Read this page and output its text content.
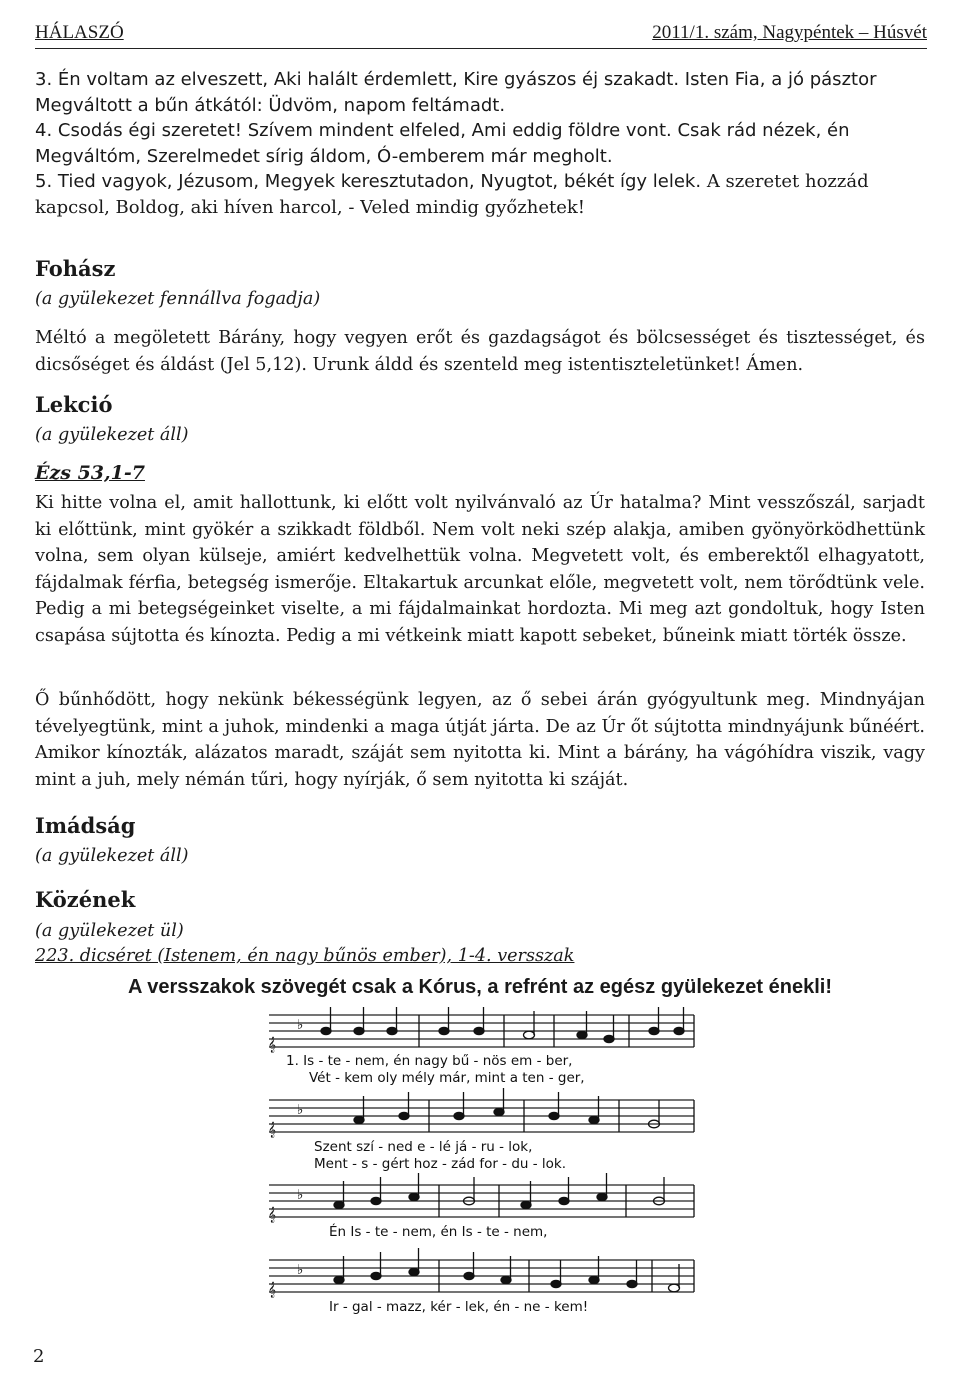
HÁLASZÓ	2011/1. szám, Nagypéntek – Húsvét
3. Én voltam az elveszett, Aki halált érdemlett, Kire gyászos éj szakadt. Isten Fia, a jó pásztor
Megváltott a bűn átkától: Üdvöm, napom feltámadt.
4. Csodás égi szeretet! Szívem mindent elfeled, Ami eddig földre vont. Csak rád nézek, én
Megváltóm, Szerelmedet sírig áldom, Ó-emberem már megholt.
5. Tied vagyok, Jézusom, Megyek keresztutadon, Nyugtot, békét így lelek. A szeretet hozzád
kapcsol, Boldog, aki híven harcol, - Veled mindig győzhetek!
Fohász
(a gyülekezet fennállva fogadja)
Méltó a megöletett Bárány, hogy vegyen erőt és gazdagságot és bölcsességet és tisztességet, és dicsőséget és áldást (Jel 5,12). Urunk áldd és szenteld meg istentiszteletünket! Ámen.
Lekció
(a gyülekezet áll)
Ézs 53,1-7
Ki hitte volna el, amit hallottunk, ki előtt volt nyilvánvaló az Úr hatalma? Mint vesszőszál, sarjadt ki előttünk, mint gyökér a szikkadt földből. Nem volt neki szép alakja, amiben gyönyörködhettünk volna, sem olyan külseje, amiért kedvelhettük volna. Megvetett volt, és emberektől elhagyatott, fájdalmak férfia, betegség ismerője. Eltakartuk arcunkat előle, megvetett volt, nem törődtünk vele. Pedig a mi betegségeinket viselte, a mi fájdalmainkat hordozta. Mi meg azt gondoltuk, hogy Isten csapása sújtotta és kínozta. Pedig a mi vétkeink miatt kapott sebeket, bűneink miatt törték össze.
Ő bűnhődött, hogy nekünk békességünk legyen, az ő sebei árán gyógyultunk meg. Mindnyájan tévelyegtünk, mint a juhok, mindenki a maga útját járta. De az Úr őt sújtotta mindnyájunk bűnéért. Amikor kínozták, alázatos maradt, száját sem nyitotta ki. Mint a bárány, ha vágóhídra viszik, vagy mint a juh, mely némán tűri, hogy nyírják, ő sem nyitotta ki száját.
Imádság
(a gyülekezet áll)
Közének
(a gyülekezet ül)
223. dicséret (Istenem, én nagy bűnös ember), 1-4. versszak
A versszakok szövegét csak a Kórus, a refrént az egész gyülekezet énekli!
𝄞
𝄞
𝄞
𝄞
♭
♭
♭
♭
1. Is - te - nem, én nagy bű - nös em - ber,
Vét - kem oly mély már, mint a ten - ger,
Szent szí - ned e - lé já - ru - lok,
Ment - s - gért hoz - zád for - du - lok.
Én Is - te - nem, én Is - te - nem,
Ir - gal - mazz, kér - lek, én - ne - kem!
2
